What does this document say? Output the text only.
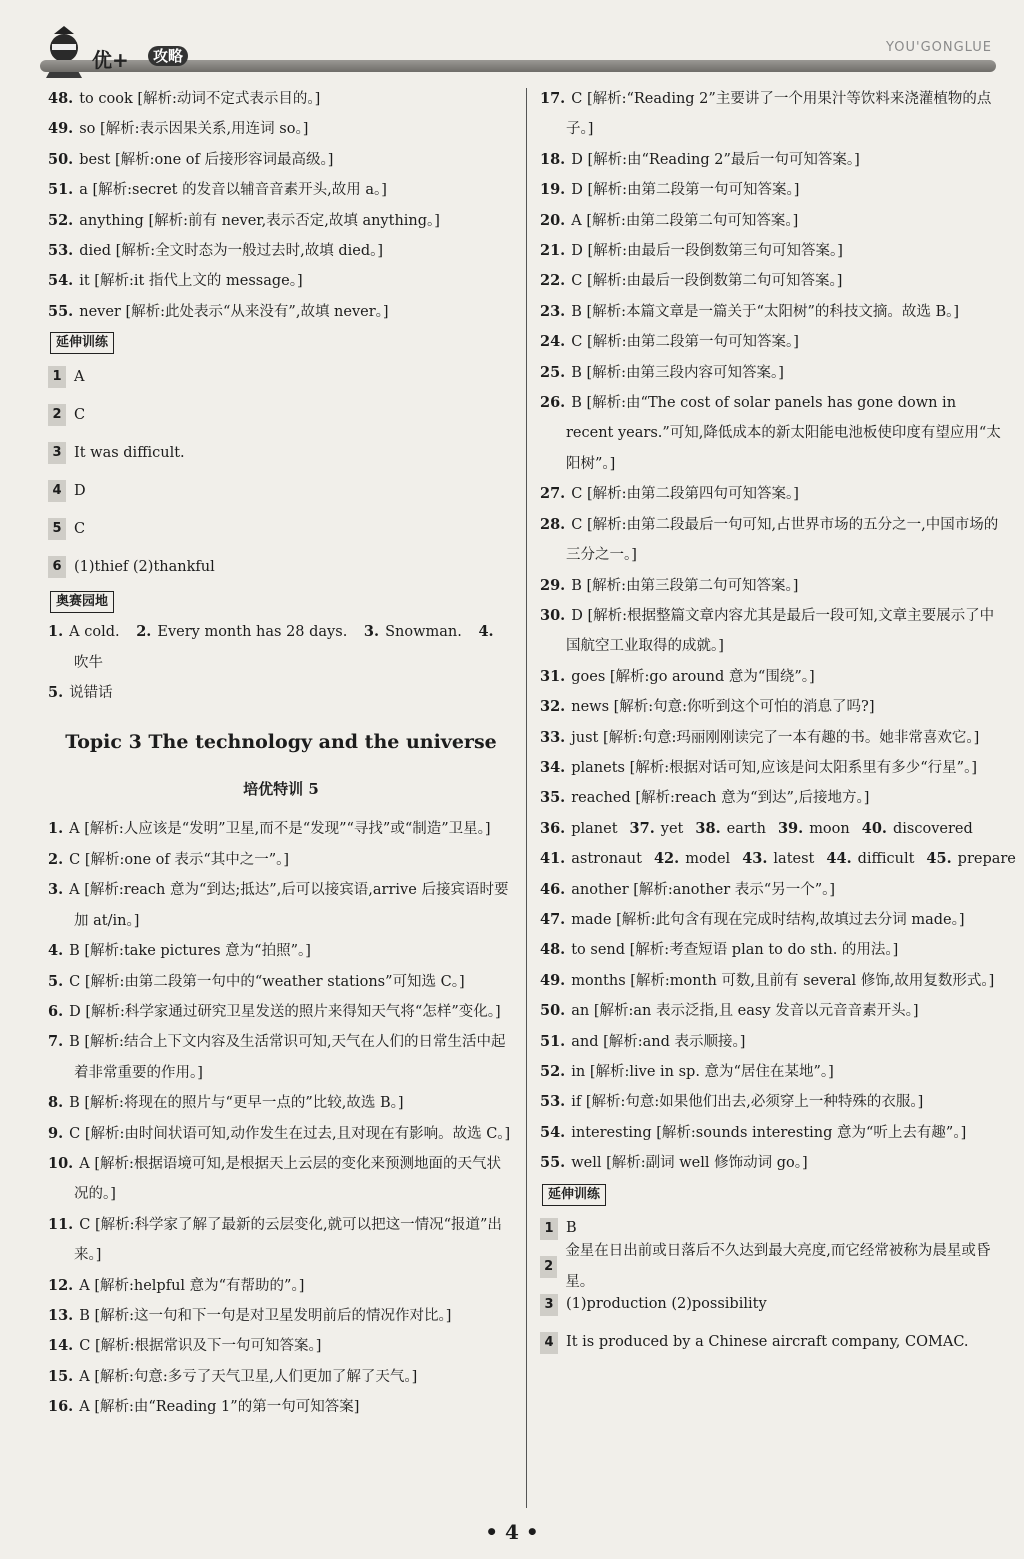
优+	攻略	YOU'GONGLUE
48. to cook [解析:动词不定式表示目的。]
49. so [解析:表示因果关系,用连词 so。]
50. best [解析:one of 后接形容词最高级。]
51. a [解析:secret 的发音以辅音音素开头,故用 a。]
52. anything [解析:前有 never,表示否定,故填 anything。]
53. died [解析:全文时态为一般过去时,故填 died。]
54. it [解析:it 指代上文的 message。]
55. never [解析:此处表示“从来没有”,故填 never。]
延伸训练
1 A
2 C
3 It was difficult.
4 D
5 C
6 (1)thief (2)thankful
奥赛园地
1. A cold. 2. Every month has 28 days. 3. Snowman. 4.吹牛
5. 说错话
Topic 3 The technology and the universe
培优特训 5
1. A [解析:人应该是“发明”卫星,而不是“发现”“寻找”或“制造”卫星。]
2. C [解析:one of 表示“其中之一”。]
3. A [解析:reach 意为“到达;抵达”,后可以接宾语,arrive 后接宾语时要加 at/in。]
4. B [解析:take pictures 意为“拍照”。]
5. C [解析:由第二段第一句中的“weather stations”可知选 C。]
6. D [解析:科学家通过研究卫星发送的照片来得知天气将“怎样”变化。]
7. B [解析:结合上下文内容及生活常识可知,天气在人们的日常生活中起着非常重要的作用。]
8. B [解析:将现在的照片与“更早一点的”比较,故选 B。]
9. C [解析:由时间状语可知,动作发生在过去,且对现在有影响。故选 C。]
10. A [解析:根据语境可知,是根据天上云层的变化来预测地面的天气状况的。]
11. C [解析:科学家了解了最新的云层变化,就可以把这一情况“报道”出来。]
12. A [解析:helpful 意为“有帮助的”。]
13. B [解析:这一句和下一句是对卫星发明前后的情况作对比。]
14. C [解析:根据常识及下一句可知答案。]
15. A [解析:句意:多亏了天气卫星,人们更加了解了天气。]
16. A [解析:由“Reading 1”的第一句可知答案]
17. C [解析:“Reading 2”主要讲了一个用果汁等饮料来浇灌植物的点子。]
18. D [解析:由“Reading 2”最后一句可知答案。]
19. D [解析:由第二段第一句可知答案。]
20. A [解析:由第二段第二句可知答案。]
21. D [解析:由最后一段倒数第三句可知答案。]
22. C [解析:由最后一段倒数第二句可知答案。]
23. B [解析:本篇文章是一篇关于“太阳树”的科技文摘。故选 B。]
24. C [解析:由第二段第一句可知答案。]
25. B [解析:由第三段内容可知答案。]
26. B [解析:由“The cost of solar panels has gone down in recent years.”可知,降低成本的新太阳能电池板使印度有望应用“太阳树”。]
27. C [解析:由第二段第四句可知答案。]
28. C [解析:由第二段最后一句可知,占世界市场的五分之一,中国市场的三分之一。]
29. B [解析:由第三段第二句可知答案。]
30. D [解析:根据整篇文章内容尤其是最后一段可知,文章主要展示了中国航空工业取得的成就。]
31. goes [解析:go around 意为“围绕”。]
32. news [解析:句意:你听到这个可怕的消息了吗?]
33. just [解析:句意:玛丽刚刚读完了一本有趣的书。她非常喜欢它。]
34. planets [解析:根据对话可知,应该是问太阳系里有多少“行星”。]
35. reached [解析:reach 意为“到达”,后接地方。]
36. planet 37. yet 38. earth 39. moon 40. discovered
41. astronaut 42. model 43. latest 44. difficult 45. prepare
46. another [解析:another 表示“另一个”。]
47. made [解析:此句含有现在完成时结构,故填过去分词 made。]
48. to send [解析:考查短语 plan to do sth. 的用法。]
49. months [解析:month 可数,且前有 several 修饰,故用复数形式。]
50. an [解析:an 表示泛指,且 easy 发音以元音音素开头。]
51. and [解析:and 表示顺接。]
52. in [解析:live in sp. 意为“居住在某地”。]
53. if [解析:句意:如果他们出去,必须穿上一种特殊的衣服。]
54. interesting [解析:sounds interesting 意为“听上去有趣”。]
55. well [解析:副词 well 修饰动词 go。]
延伸训练
1 B
2
金星在日出前或日落后不久达到最大亮度,而它经常被称为晨星或昏星。
3 (1)production (2)possibility
4 It is produced by a Chinese aircraft company, COMAC.
• 4 •
